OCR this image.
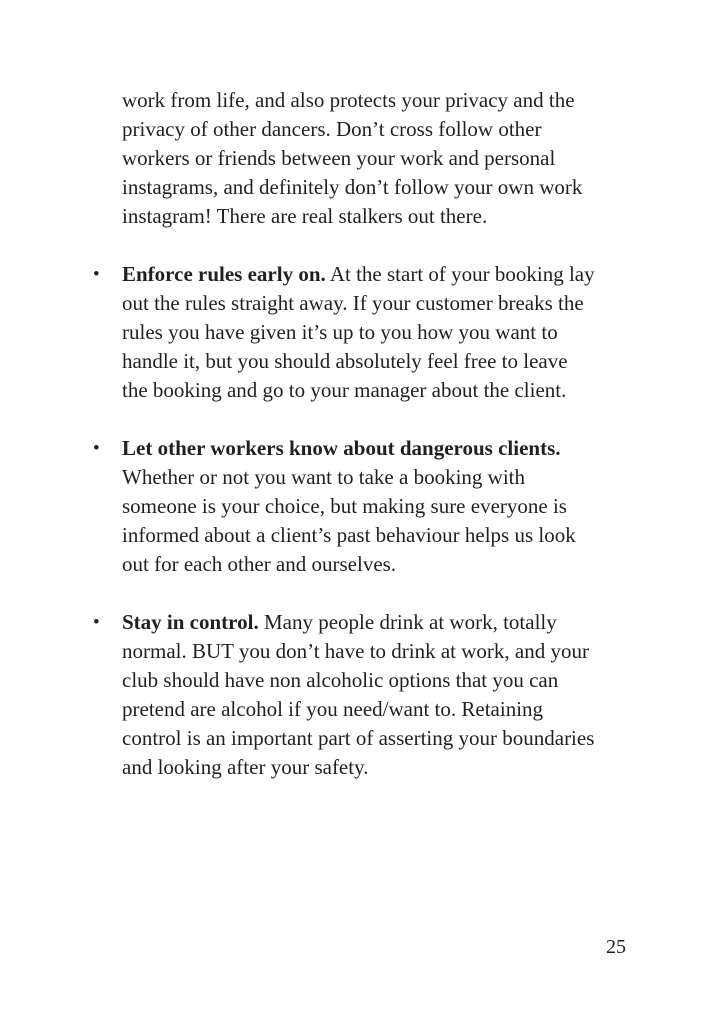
work from life, and also protects your privacy and the privacy of other dancers. Don’t cross follow other workers or friends between your work and personal instagrams, and definitely don’t follow your own work instagram! There are real stalkers out there.

• Enforce rules early on. At the start of your booking lay out the rules straight away. If your customer breaks the rules you have given it’s up to you how you want to handle it, but you should absolutely feel free to leave the booking and go to your manager about the client.
• Let other workers know about dangerous clients. Whether or not you want to take a booking with someone is your choice, but making sure everyone is informed about a client’s past behaviour helps us look out for each other and ourselves.
• Stay in control. Many people drink at work, totally normal. BUT you don’t have to drink at work, and your club should have non alcoholic options that you can pretend are alcohol if you need/want to. Retaining control is an important part of asserting your boundaries and looking after your safety.
25
